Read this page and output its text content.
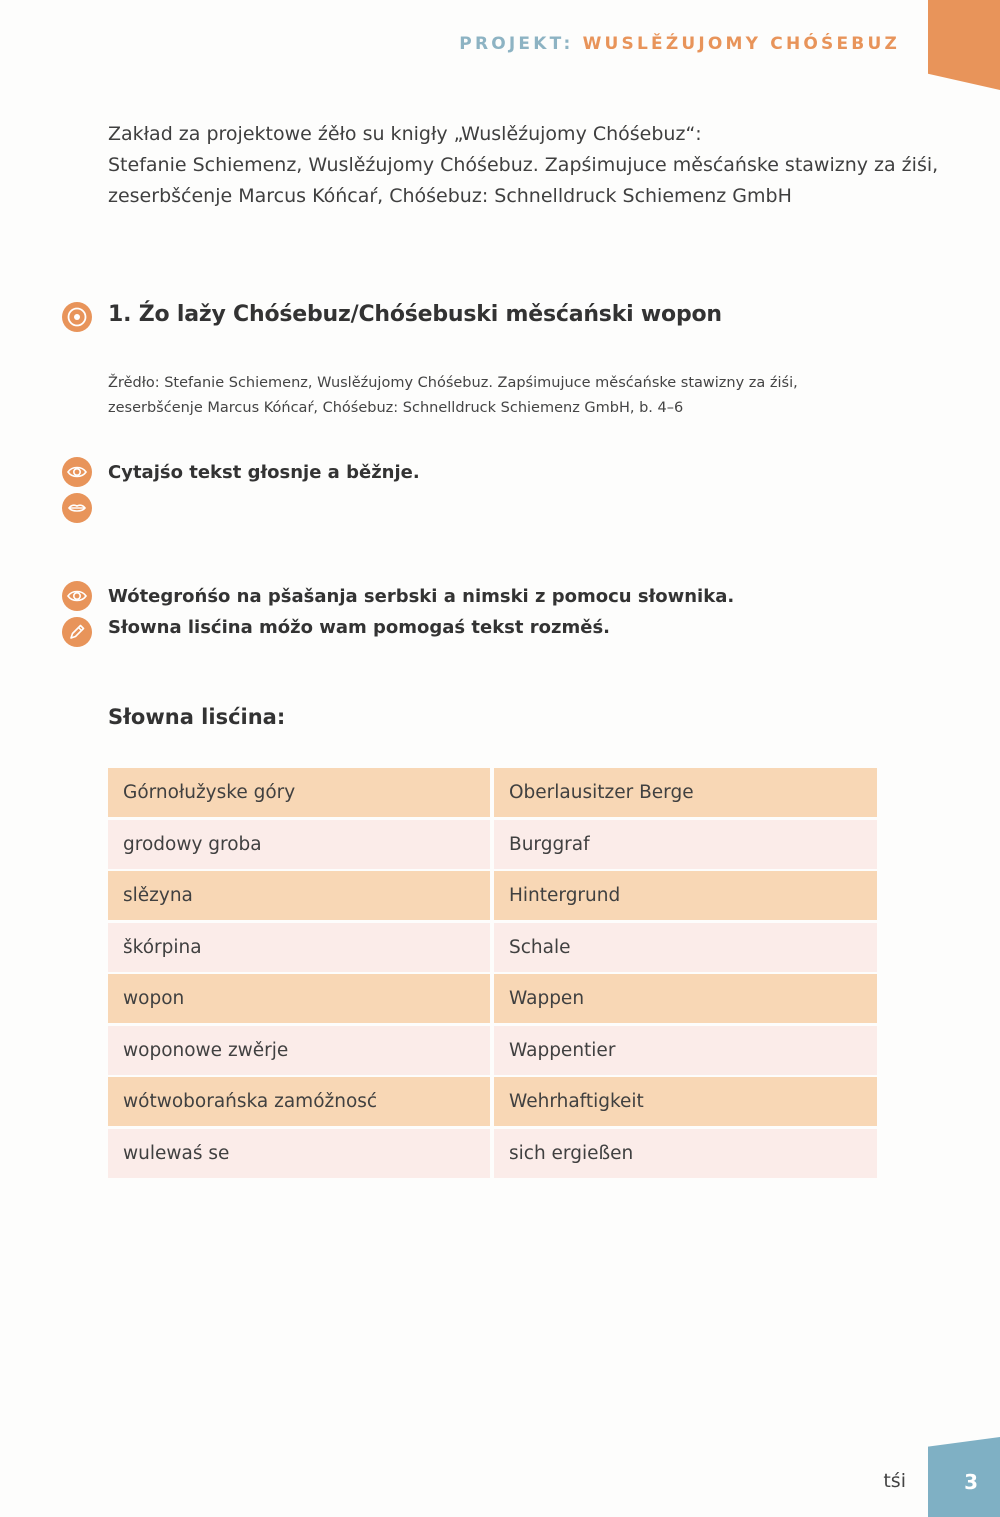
PROJEKT: WUSLĚŹUJOMY CHÓŚEBUZ
Zakład za projektowe źěło su knigły „Wuslěźujomy Chóśebuz“:
Stefanie Schiemenz, Wuslěźujomy Chóśebuz. Zapśimujuce měsćańske stawizny za źiśi,
zeserbšćenje Marcus Kóńcaŕ, Chóśebuz: Schnelldruck Schiemenz GmbH
1. Źo lažy Chóśebuz/Chóśebuski měsćański wopon
Žrědło: Stefanie Schiemenz, Wuslěźujomy Chóśebuz. Zapśimujuce měsćańske stawizny za źiśi,
zeserbšćenje Marcus Kóńcaŕ, Chóśebuz: Schnelldruck Schiemenz GmbH, b. 4–6
Cytajśo tekst głosnje a běžnje.
Wótegrońśo na pšašanja serbski a nimski z pomocu słownika.
Słowna lisćina móžo wam pomogaś tekst rozměś.
Słowna lisćina:
Górnołužyske góry	Oberlausitzer Berge
grodowy groba	Burggraf
slězyna	Hintergrund
škórpina	Schale
wopon	Wappen
woponowe zwěrje	Wappentier
wótwoborańska zamóžnosć	Wehrhaftigkeit
wulewaś se	sich ergießen
tśi	3
